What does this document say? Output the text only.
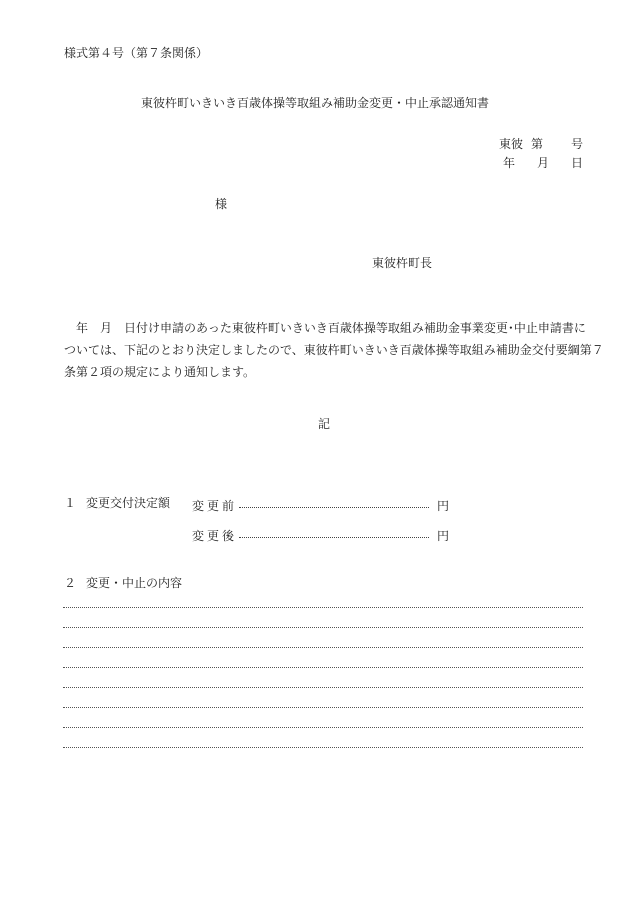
様式第４号（第７条関係）
東彼杵町いきいき百歳体操等取組み補助金変更・中止承認通知書
東彼 第 号
年 月 日
様
東彼杵町長
年　月　日付け申請のあった東彼杵町いきいき百歳体操等取組み補助金事業変更･中止申請書に
ついては、下記のとおり決定しましたので、東彼杵町いきいき百歳体操等取組み補助金交付要綱第７
条第２項の規定により通知します。
記
１ 変更交付決定額 変更前	円
変更後	円
２ 変更・中止の内容
